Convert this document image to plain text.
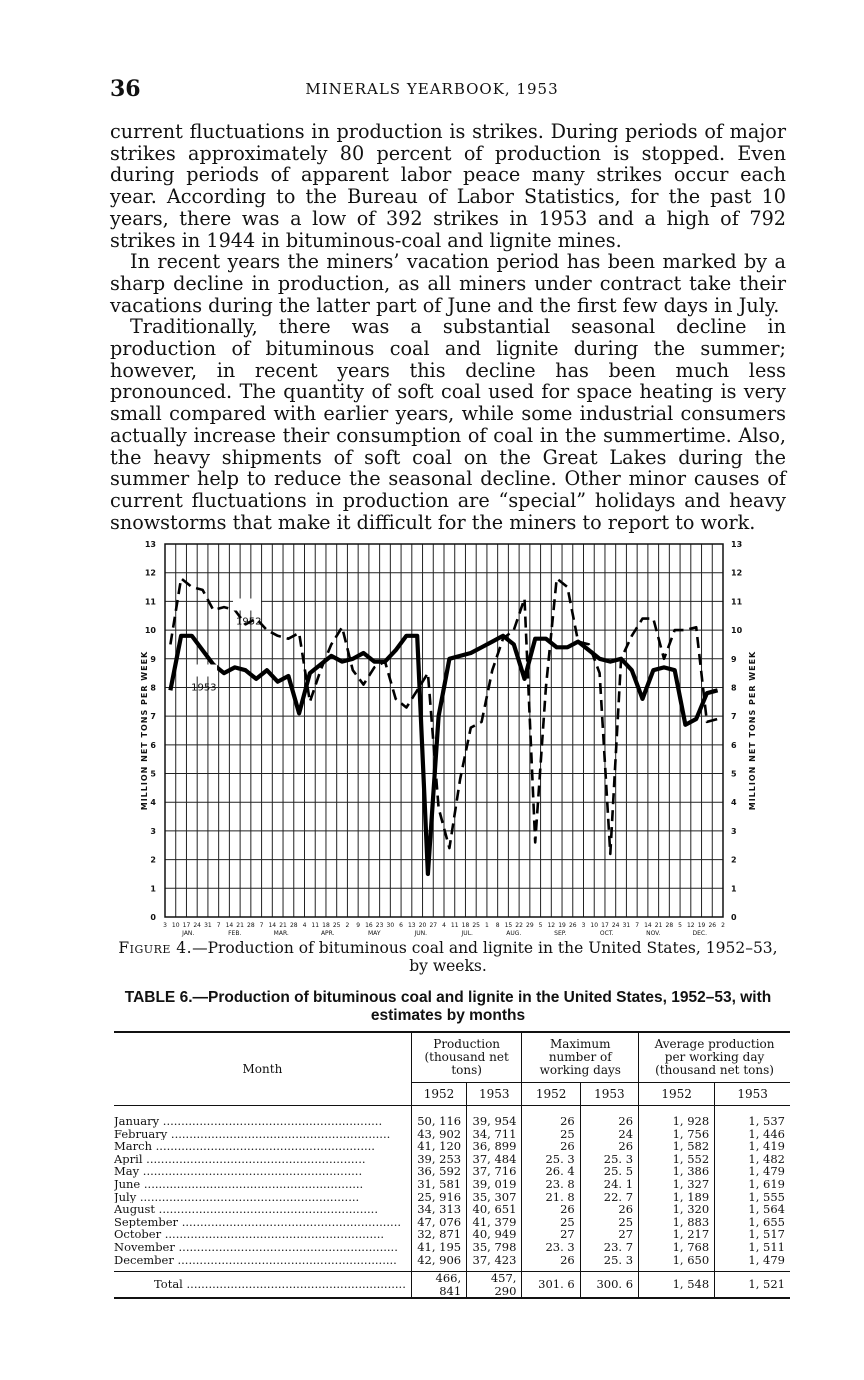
36	MINERALS YEARBOOK, 1953

current fluctuations in production is strikes. During periods of major strikes approximately 80 percent of production is stopped. Even during periods of apparent labor peace many strikes occur each year. According to the Bureau of Labor Statistics, for the past 10 years, there was a low of 392 strikes in 1953 and a high of 792 strikes in 1944 in bituminous-coal and lignite mines.

In recent years the miners’ vacation period has been marked by a sharp decline in production, as all miners under contract take their vacations during the latter part of June and the first few days in July.

Traditionally, there was a substantial seasonal decline in production of bituminous coal and lignite during the summer; however, in recent years this decline has been much less pronounced. The quantity of soft coal used for space heating is very small compared with earlier years, while some industrial consumers actually increase their consumption of coal in the summertime. Also, the heavy shipments of soft coal on the Great Lakes during the summer help to reduce the seasonal decline. Other minor causes of current fluctuations in production are “special” holidays and heavy snowstorms that make it difficult for the miners to report to work.

0	0
1	1
2	2
3	3
4	4
5	5
6	6
7	7
8	8
9	9
10	10
11	11
12	12
13	13
MILLION NET TONS PER WEEK	MILLION NET TONS PER WEEK
3 10 17 24 31 7 14 21 28 7 14 21 28 4 11 18 25 2 9 16 23 30 6 13 20 27 4 11 18 25 1 8 15 22 29 5 12 19 26 3 10 17 24 31 7 14 21 28 5 12 19 26 2
JAN.	FEB.	MAR.	APR.	MAY	JUN.	JUL.	AUG.	SEP.	OCT.	NOV.	DEC.
1952
1953
Figure 4.—Production of bituminous coal and lignite in the United States, 1952–53, by weeks.
TABLE 6.—Production of bituminous coal and lignite in the United States, 1952–53, with estimates by months
Month	Production (thousand net tons)		Maximum number of working days		Average production per working day (thousand net tons)	
	1952	1953	1952	1953	1952	1953
January ............................................................	50, 116	39, 954	26	26	1, 928	1, 537
February ............................................................	43, 902	34, 711	25	24	1, 756	1, 446
March ............................................................	41, 120	36, 899	26	26	1, 582	1, 419
April ............................................................	39, 253	37, 484	25. 3	25. 3	1, 552	1, 482
May ............................................................	36, 592	37, 716	26. 4	25. 5	1, 386	1, 479
June ............................................................	31, 581	39, 019	23. 8	24. 1	1, 327	1, 619
July ............................................................	25, 916	35, 307	21. 8	22. 7	1, 189	1, 555
August ............................................................	34, 313	40, 651	26	26	1, 320	1, 564
September ............................................................	47, 076	41, 379	25	25	1, 883	1, 655
October ............................................................	32, 871	40, 949	27	27	1, 217	1, 517
November ............................................................	41, 195	35, 798	23. 3	23. 7	1, 768	1, 511
December ............................................................	42, 906	37, 423	26	25. 3	1, 650	1, 479
Total ............................................................	466, 841	457, 290	301. 6	300. 6	1, 548	1, 521
